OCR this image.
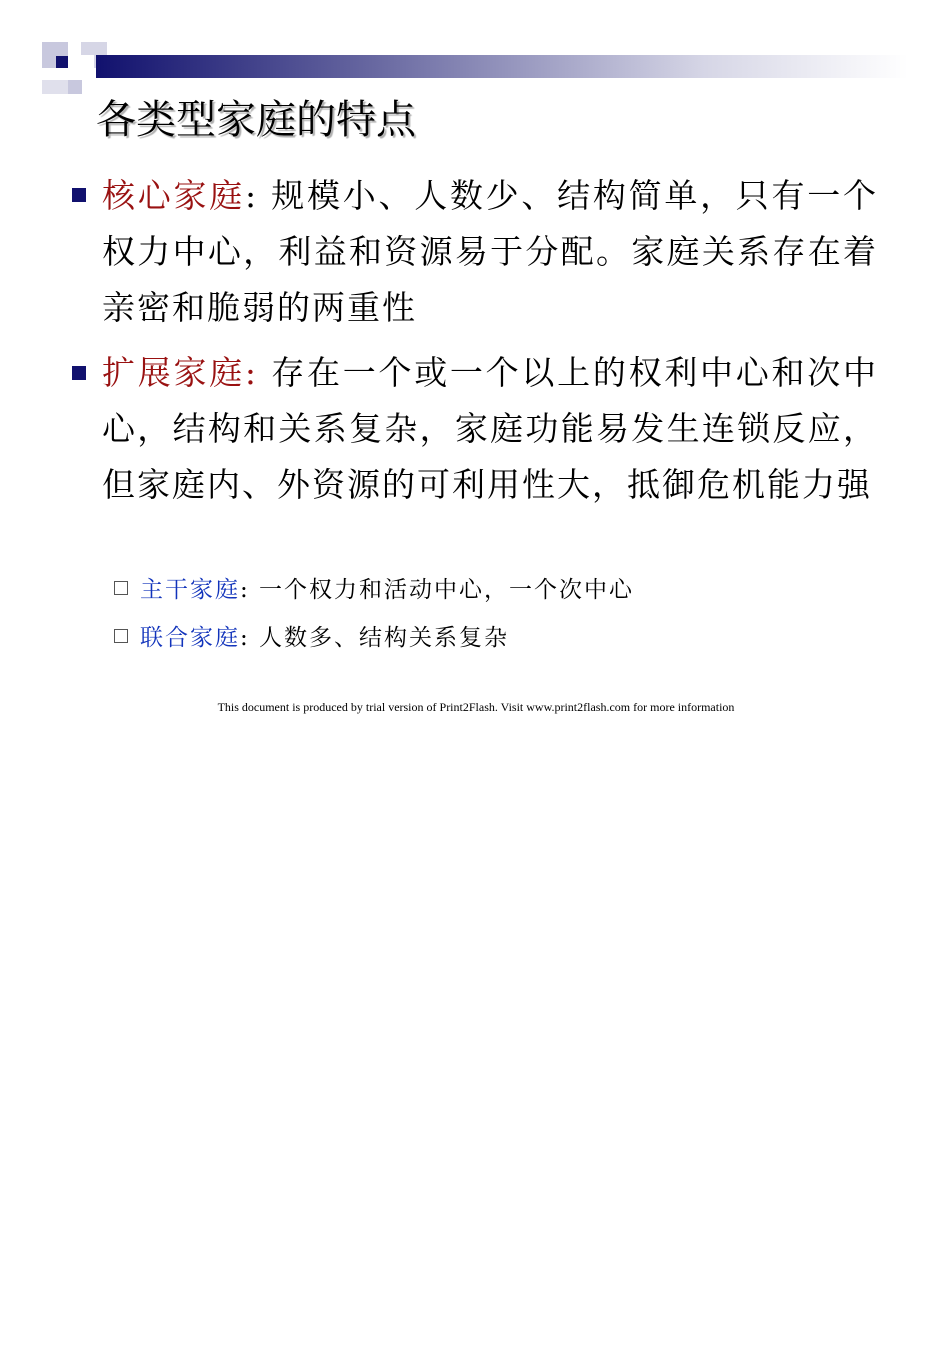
各类型家庭的特点
核心家庭: 规模小、人数少、结构简单，只有一个权力中心，利益和资源易于分配。家庭关系存在着亲密和脆弱的两重性
扩展家庭: 存在一个或一个以上的权利中心和次中心，结构和关系复杂，家庭功能易发生连锁反应，但家庭内、外资源的可利用性大，抵御危机能力强
主干家庭: 一个权力和活动中心，一个次中心
联合家庭: 人数多、结构关系复杂
This document is produced by trial version of Print2Flash. Visit www.print2flash.com for more information
